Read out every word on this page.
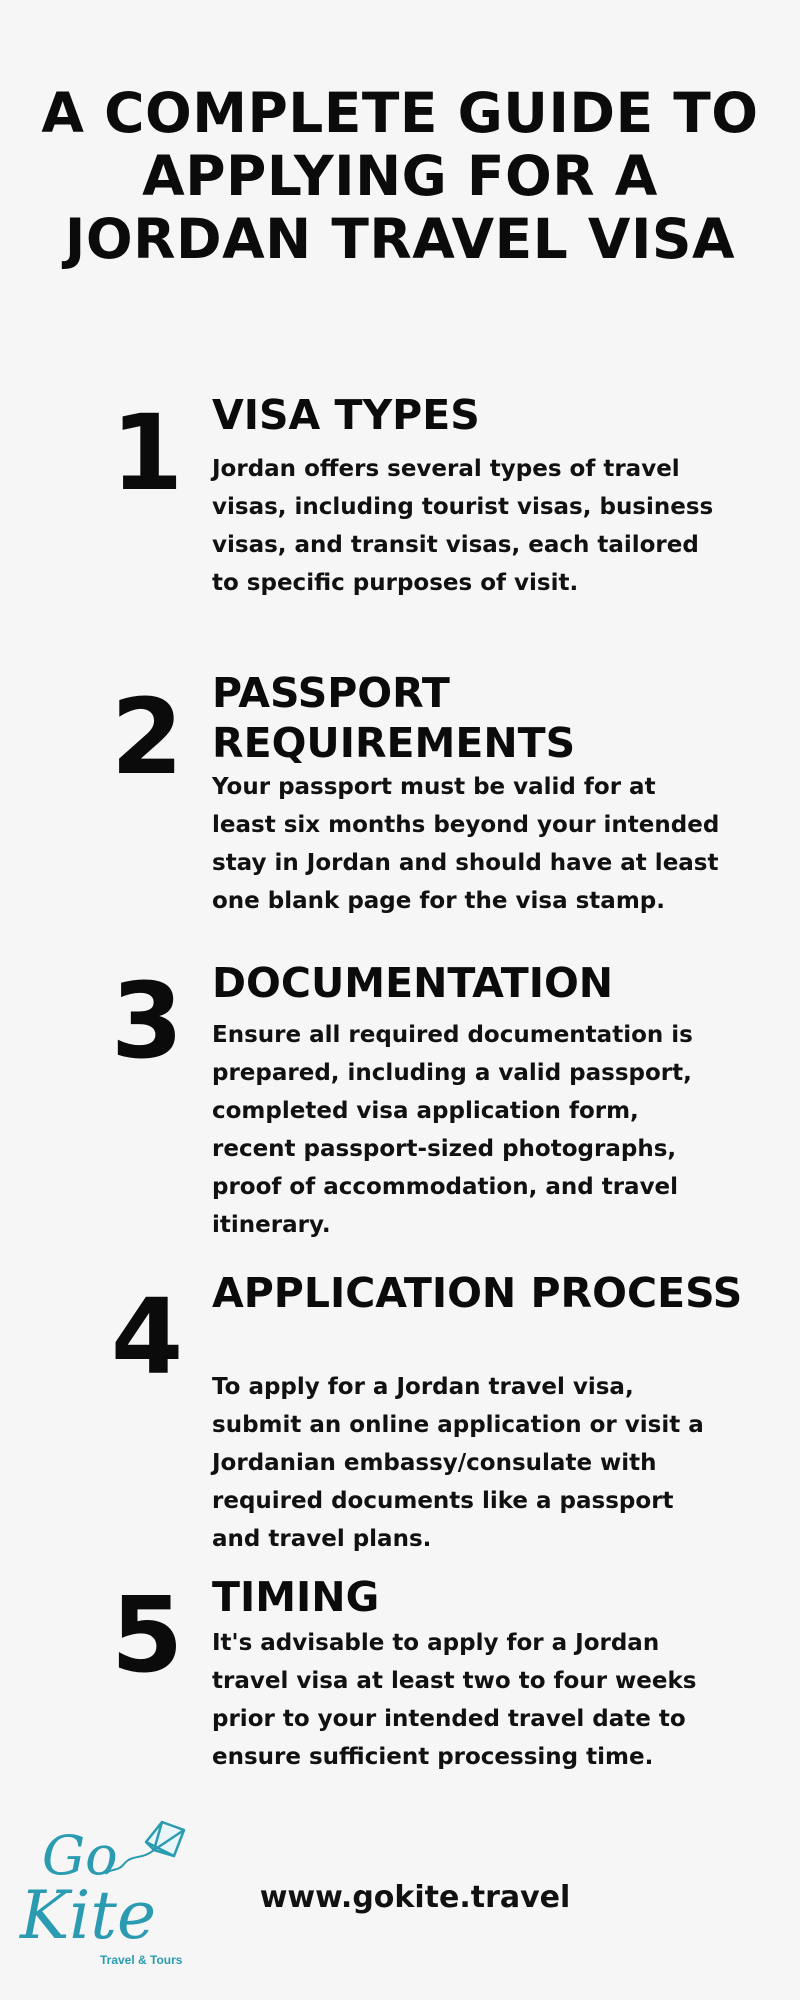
A COMPLETE GUIDE TO APPLYING FOR A JORDAN TRAVEL VISA
1 VISA TYPES

Jordan offers several types of travel visas, including tourist visas, business visas, and transit visas, each tailored to specific purposes of visit.

2 PASSPORT REQUIREMENTS

Your passport must be valid for at least six months beyond your intended stay in Jordan and should have at least one blank page for the visa stamp.

3 DOCUMENTATION

Ensure all required documentation is prepared, including a valid passport, completed visa application form, recent passport-sized photographs, proof of accommodation, and travel itinerary.

4 APPLICATION PROCESS

To apply for a Jordan travel visa, submit an online application or visit a Jordanian embassy/consulate with required documents like a passport and travel plans.

5 TIMING

It's advisable to apply for a Jordan travel visa at least two to four weeks prior to your intended travel date to ensure sufficient processing time.

Go
Kite
Travel & Tours
www.gokite.travel
